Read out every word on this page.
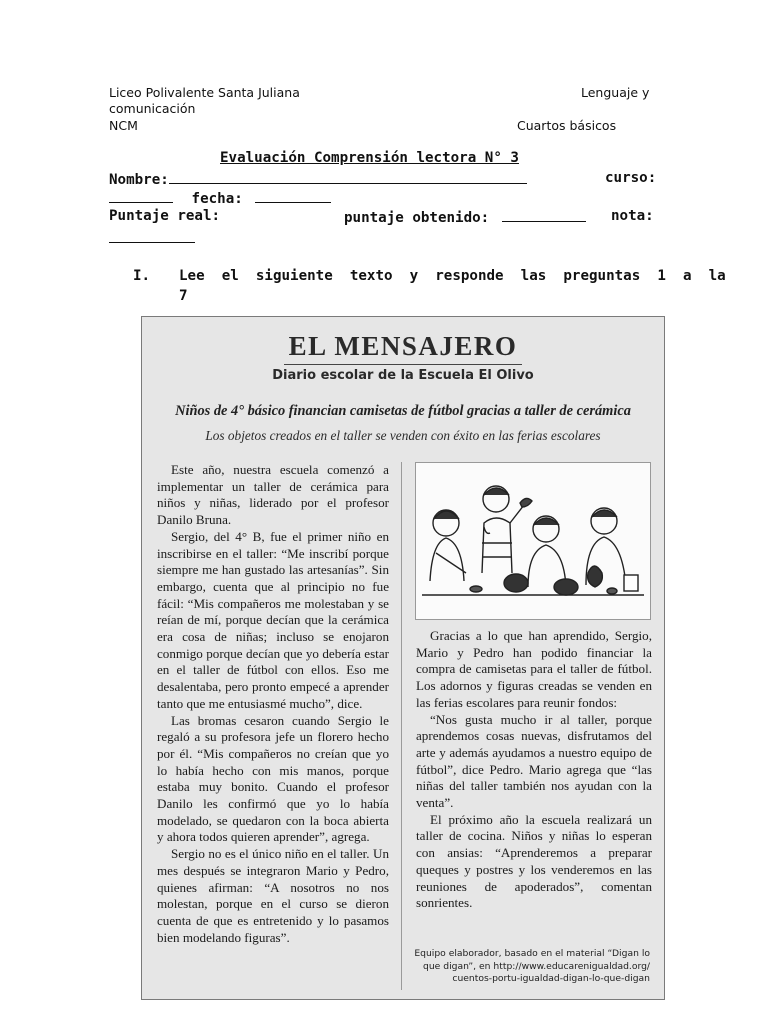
Liceo Polivalente Santa Juliana	Lenguaje y
comunicación
NCM	Cuartos básicos
Evaluación Comprensión lectora N° 3
Nombre:	curso:
fecha:
Puntaje real:	puntaje obtenido:	nota:
I. Lee  el  siguiente  texto  y  responde  las  preguntas  1  a  la
7
EL MENSAJERO
Diario escolar de la Escuela El Olivo
Niños de 4° básico financian camisetas de fútbol gracias a taller de cerámica
Los objetos creados en el taller se venden con éxito en las ferias escolares

Este año, nuestra escuela comenzó a implementar un taller de cerámica para niños y niñas, liderado por el profesor Danilo Bruna.

Sergio, del 4° B, fue el primer niño en inscribirse en el taller: “Me inscribí porque siempre me han gustado las artesanías”. Sin embargo, cuenta que al principio no fue fácil: “Mis compañeros me molestaban y se reían de mí, porque decían que la cerámica era cosa de niñas; incluso se enojaron conmigo porque decían que yo debería estar en el taller de fútbol con ellos. Eso me desalentaba, pero pronto empecé a aprender tanto que me entusiasmé mucho”, dice.

Las bromas cesaron cuando Sergio le regaló a su profesora jefe un florero hecho por él. “Mis compañeros no creían que yo lo había hecho con mis manos, porque estaba muy bonito. Cuando el profesor Danilo les confirmó que yo lo había modelado, se quedaron con la boca abierta y ahora todos quieren aprender”, agrega.

Sergio no es el único niño en el taller. Un mes después se integraron Mario y Pedro, quienes afirman: “A nosotros no nos molestan, porque en el curso se dieron cuenta de que es entretenido y lo pasamos bien modelando figuras”.

Gracias a lo que han aprendido, Sergio, Mario y Pedro han podido financiar la compra de camisetas para el taller de fútbol. Los adornos y figuras creadas se venden en las ferias escolares para reunir fondos:

“Nos gusta mucho ir al taller, porque aprendemos cosas nuevas, disfrutamos del arte y además ayudamos a nuestro equipo de fútbol”, dice Pedro. Mario agrega que “las niñas del taller también nos ayudan con la venta”.

El próximo año la escuela realizará un taller de cocina. Niños y niñas lo esperan con ansias: “Aprenderemos a preparar queques y postres y los venderemos en las reuniones de apoderados”, comentan sonrientes.

Equipo elaborador, basado en el material “Digan lo
que digan”, en http://www.educarenigualdad.org/
cuentos-portu-igualdad-digan-lo-que-digan
